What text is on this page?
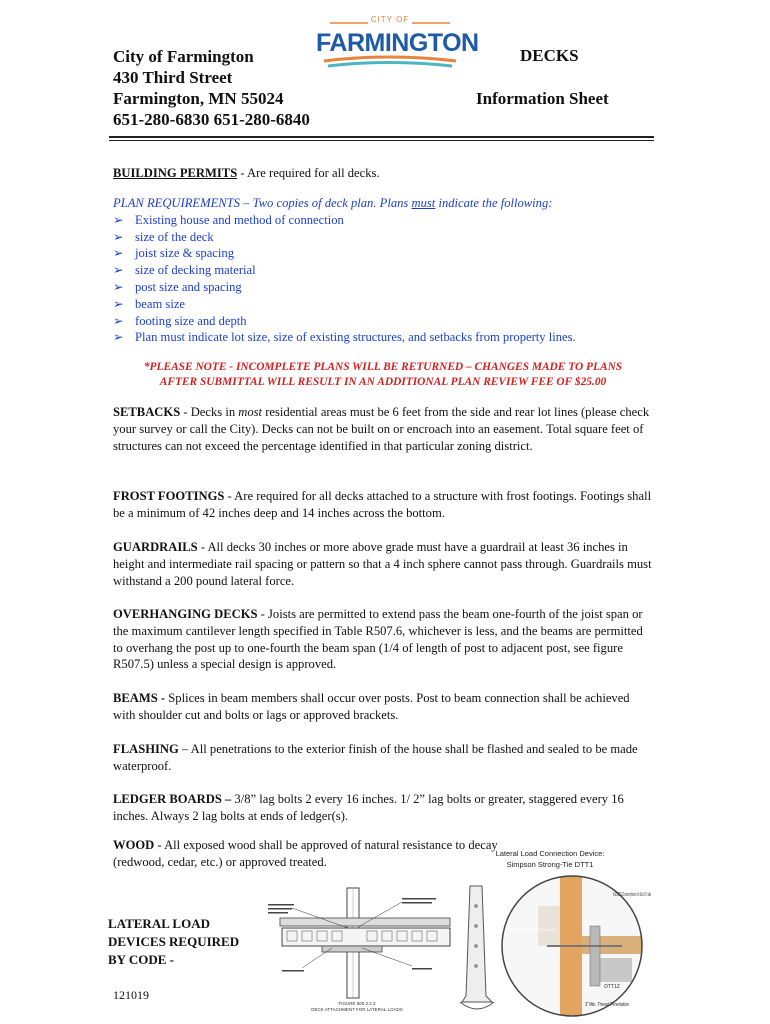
City of Farmington
430 Third Street
Farmington, MN 55024
651-280-6830 651-280-6840
CITY OF
FARMINGTON DECKS
Information Sheet
BUILDING PERMITS - Are required for all decks.
PLAN REQUIREMENTS – Two copies of deck plan. Plans must indicate the following:
➢ Existing house and method of connection
➢ size of the deck
➢ joist size & spacing
➢ size of decking material
➢ post size and spacing
➢ beam size
➢ footing size and depth
➢ Plan must indicate lot size, size of existing structures, and setbacks from property lines.
*PLEASE NOTE - INCOMPLETE PLANS WILL BE RETURNED – CHANGES MADE TO PLANS
AFTER SUBMITTAL WILL RESULT IN AN ADDITIONAL PLAN REVIEW FEE OF $25.00
SETBACKS - Decks in most residential areas must be 6 feet from the side and rear lot lines (please check your survey or call the City). Decks can not be built on or encroach into an easement. Total square feet of structures can not exceed the percentage identified in that particular zoning district.
FROST FOOTINGS - Are required for all decks attached to a structure with frost footings. Footings shall be a minimum of 42 inches deep and 14 inches across the bottom.
GUARDRAILS - All decks 30 inches or more above grade must have a guardrail at least 36 inches in height and intermediate rail spacing or pattern so that a 4 inch sphere cannot pass through. Guardrails must withstand a 200 pound lateral force.
OVERHANGING DECKS - Joists are permitted to extend pass the beam one-fourth of the joist span or the maximum cantilever length specified in Table R507.6, whichever is less, and the beams are permitted to overhang the post up to one-fourth the beam span (1/4 of length of post to adjacent post, see figure R507.5) unless a special design is approved.
BEAMS - Splices in beam members shall occur over posts. Post to beam connection shall be achieved with shoulder cut and bolts or lags or approved brackets.
FLASHING – All penetrations to the exterior finish of the house shall be flashed and sealed to be made waterproof.
LEDGER BOARDS – 3/8” lag bolts 2 every 16 inches. 1/ 2” lag bolts or greater, staggered every 16 inches. Always 2 lag bolts at ends of ledger(s).
WOOD - All exposed wood shall be approved of natural resistance to decay (redwood, cedar, etc.) or approved treated.
LATERAL LOAD
DEVICES REQUIRED
BY CODE -
121019
FIGURE 500.2.2.3
DECK ATTACHMENT FOR LATERAL LOADS
Lateral Load Connection Device:
Simpson Strong-Tie DTT1
6-SDWS15112 screws (shown) or 8-16d x 3½" nails
DTT1Z
3" Min. Thread Penetration
